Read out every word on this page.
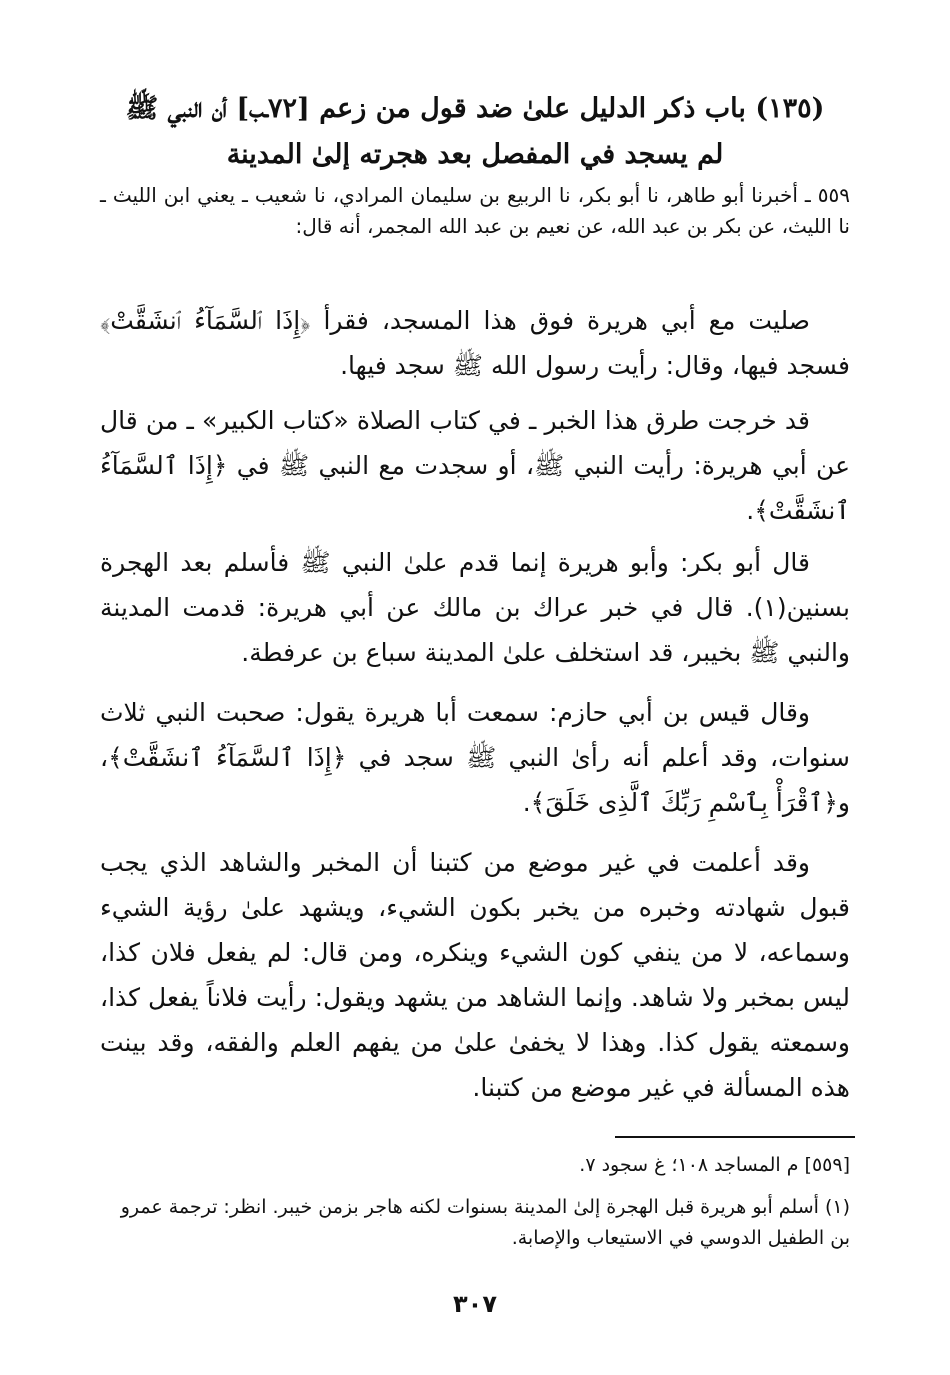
(١٣٥) باب ذكر الدليل علىٰ ضد قول من زعم [٧٢ـب] أن النبي ﷺ
لم يسجد في المفصل بعد هجرته إلىٰ المدينة

٥٥٩ ـ أخبرنا أبو طاهر، نا أبو بكر، نا الربيع بن سليمان المرادي، نا شعيب ـ يعني ابن الليث ـ نا الليث، عن بكر بن عبد الله، عن نعيم بن عبد الله المجمر، أنه قال:

صليت مع أبي هريرة فوق هذا المسجد، فقرأ ﴿إِذَا ٱلسَّمَآءُ ٱنشَقَّتْ﴾ فسجد فيها، وقال: رأيت رسول الله ﷺ سجد فيها.

قد خرجت طرق هذا الخبر ـ في كتاب الصلاة «كتاب الكبير» ـ من قال عن أبي هريرة: رأيت النبي ﷺ، أو سجدت مع النبي ﷺ في ﴿إِذَا ٱلسَّمَآءُ ٱنشَقَّتْ﴾.

قال أبو بكر: وأبو هريرة إنما قدم علىٰ النبي ﷺ فأسلم بعد الهجرة بسنين(١). قال في خبر عراك بن مالك عن أبي هريرة: قدمت المدينة والنبي ﷺ بخيبر، قد استخلف علىٰ المدينة سباع بن عرفطة.

وقال قيس بن أبي حازم: سمعت أبا هريرة يقول: صحبت النبي ثلاث سنوات، وقد أعلم أنه رأىٰ النبي ﷺ سجد في ﴿إِذَا ٱلسَّمَآءُ ٱنشَقَّتْ﴾، و﴿ٱقْرَأْ بِٱسْمِ رَبِّكَ ٱلَّذِى خَلَقَ﴾.

وقد أعلمت في غير موضع من كتبنا أن المخبر والشاهد الذي يجب قبول شهادته وخبره من يخبر بكون الشيء، ويشهد علىٰ رؤية الشيء وسماعه، لا من ينفي كون الشيء وينكره، ومن قال: لم يفعل فلان كذا، ليس بمخبر ولا شاهد. وإنما الشاهد من يشهد ويقول: رأيت فلاناً يفعل كذا، وسمعته يقول كذا. وهذا لا يخفىٰ علىٰ من يفهم العلم والفقه، وقد بينت هذه المسألة في غير موضع من كتبنا.

[٥٥٩] م المساجد ١٠٨؛ غ سجود ٧.

(١) أسلم أبو هريرة قبل الهجرة إلىٰ المدينة بسنوات لكنه هاجر بزمن خيبر. انظر: ترجمة عمرو بن الطفيل الدوسي في الاستيعاب والإصابة.

٣٠٧
